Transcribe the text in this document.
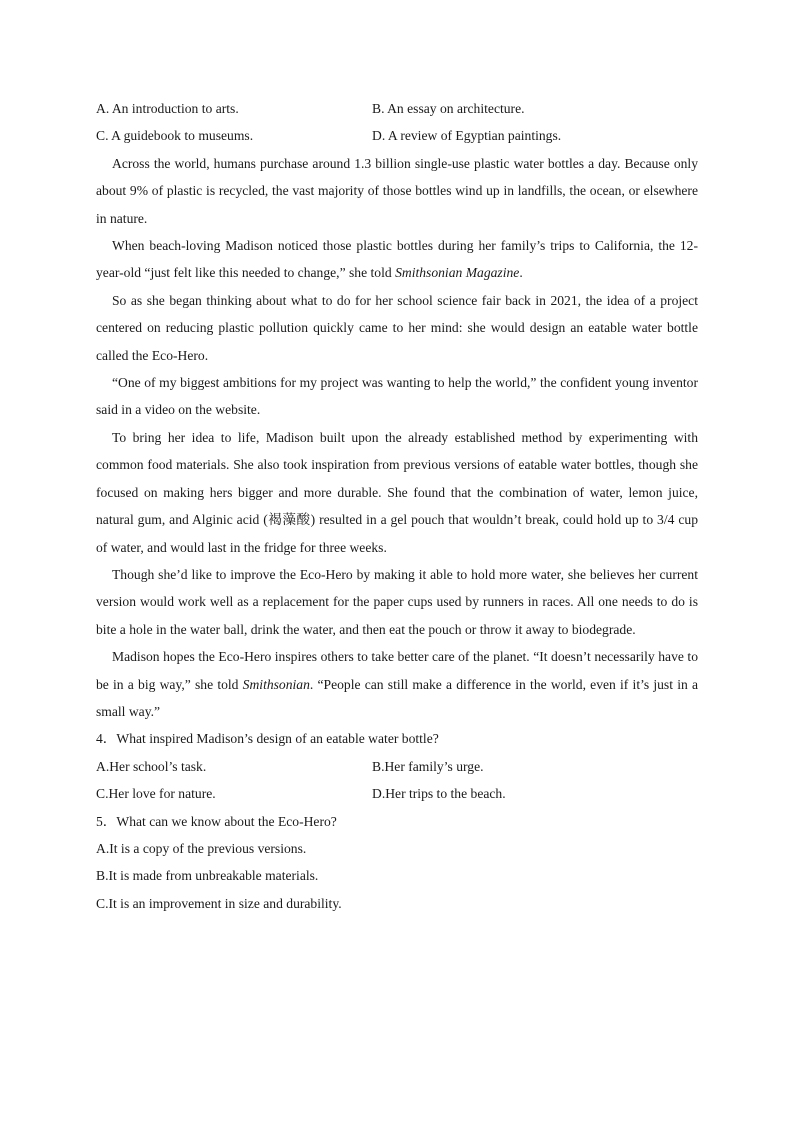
A. An introduction to arts.	B. An essay on architecture.
C. A guidebook to museums.	D. A review of Egyptian paintings.

Across the world, humans purchase around 1.3 billion single-use plastic water bottles a day. Because only about 9% of plastic is recycled, the vast majority of those bottles wind up in landfills, the ocean, or elsewhere in nature.

When beach-loving Madison noticed those plastic bottles during her family’s trips to California, the 12-year-old “just felt like this needed to change,” she told Smithsonian Magazine.

So as she began thinking about what to do for her school science fair back in 2021, the idea of a project centered on reducing plastic pollution quickly came to her mind: she would design an eatable water bottle called the Eco-Hero.

“One of my biggest ambitions for my project was wanting to help the world,” the confident young inventor said in a video on the website.

To bring her idea to life, Madison built upon the already established method by experimenting with common food materials. She also took inspiration from previous versions of eatable water bottles, though she focused on making hers bigger and more durable. She found that the combination of water, lemon juice, natural gum, and Alginic acid (褐藻酸) resulted in a gel pouch that wouldn’t break, could hold up to 3/4 cup of water, and would last in the fridge for three weeks.

Though she’d like to improve the Eco-Hero by making it able to hold more water, she believes her current version would work well as a replacement for the paper cups used by runners in races. All one needs to do is bite a hole in the water ball, drink the water, and then eat the pouch or throw it away to biodegrade.

Madison hopes the Eco-Hero inspires others to take better care of the planet. “It doesn’t necessarily have to be in a big way,” she told Smithsonian. “People can still make a difference in the world, even if it’s just in a small way.”

4．What inspired Madison’s design of an eatable water bottle?

A.Her school’s task.	B.Her family’s urge.
C.Her love for nature.	D.Her trips to the beach.

5．What can we know about the Eco-Hero?

A.It is a copy of the previous versions.

B.It is made from unbreakable materials.

C.It is an improvement in size and durability.
